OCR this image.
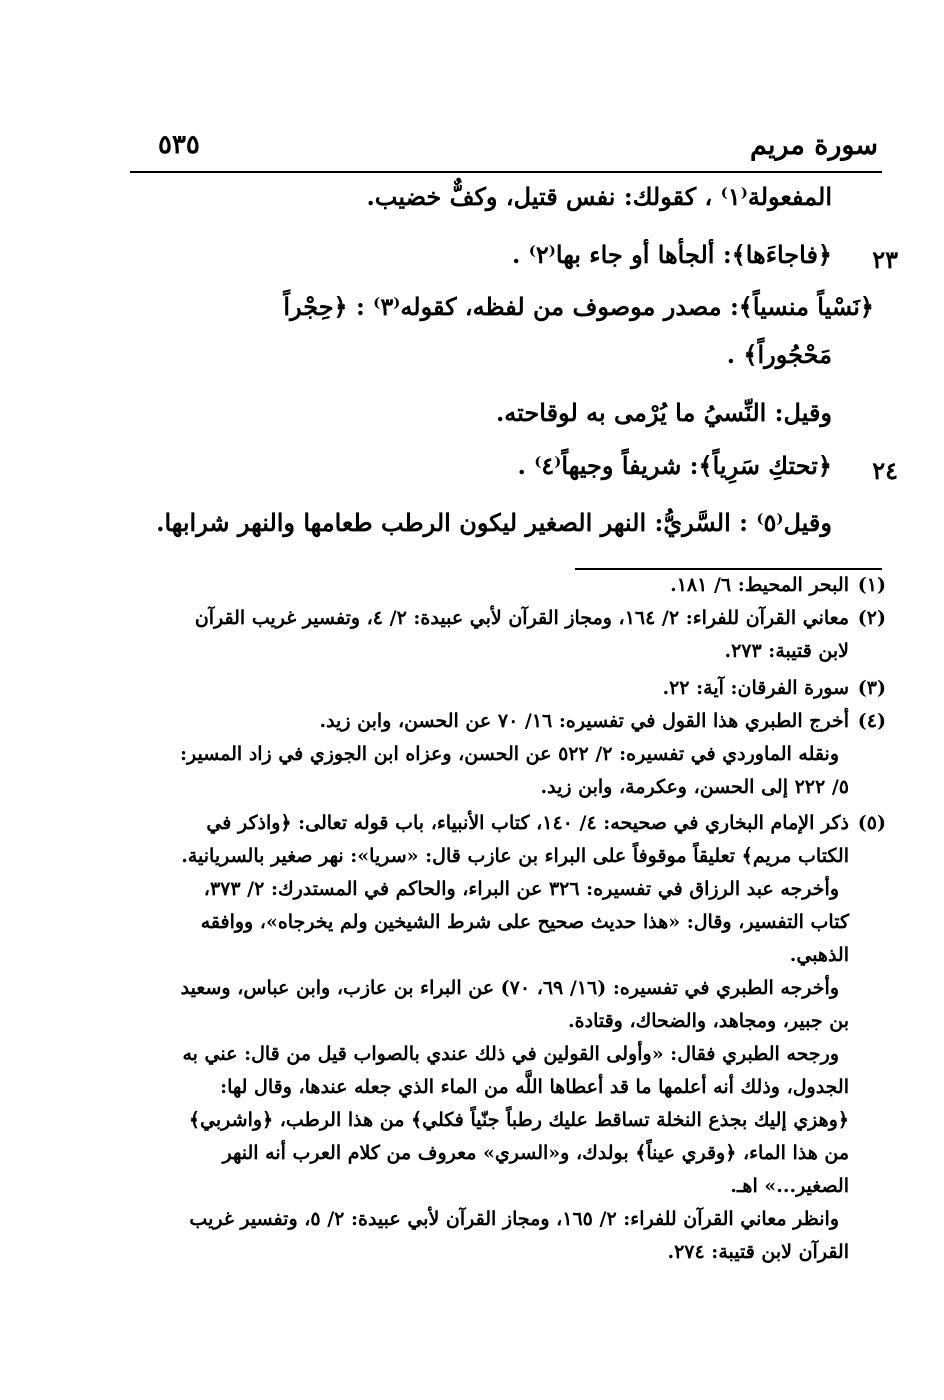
٥٣٥	سورة مريم
٢٣
٢٤
المفعولة⁽١⁾ ، كقولك: نفس قتيل، وكفٌّ خضيب.
﴿فاجاءَها﴾: ألجأها أو جاء بها⁽٢⁾ .
﴿نَسْياً منسياً﴾: مصدر موصوف من لفظه، كقوله⁽٣⁾ : ﴿حِجْراً
مَحْجُوراً﴾ .
وقيل: النِّسيُ ما يُرْمى به لوقاحته.
﴿تحتكِ سَرِياً﴾: شريفاً وجيهاً⁽٤⁾ .
وقيل⁽٥⁾ : السَّريُّ: النهر الصغير ليكون الرطب طعامها والنهر شرابها.
(١)
(٢)
(٣)
(٤)
(٥)
البحر المحيط: ٦/ ١٨١.
معاني القرآن للفراء: ٢/ ١٦٤، ومجاز القرآن لأبي عبيدة: ٢/ ٤، وتفسير غريب القرآن
لابن قتيبة: ٢٧٣.
سورة الفرقان: آية: ٢٢.
أخرج الطبري هذا القول في تفسيره: ١٦/ ٧٠ عن الحسن، وابن زيد.
ونقله الماوردي في تفسيره: ٢/ ٥٢٢ عن الحسن، وعزاه ابن الجوزي في زاد المسير:
٥/ ٢٢٢ إلى الحسن، وعكرمة، وابن زيد.
ذكر الإمام البخاري في صحيحه: ٤/ ١٤٠، كتاب الأنبياء، باب قوله تعالى: ﴿واذكر في
الكتاب مريم﴾ تعليقاً موقوفاً على البراء بن عازب قال: «سريا»: نهر صغير بالسريانية.
وأخرجه عبد الرزاق في تفسيره: ٣٢٦ عن البراء، والحاكم في المستدرك: ٢/ ٣٧٣،
كتاب التفسير، وقال: «هذا حديث صحيح على شرط الشيخين ولم يخرجاه»، ووافقه
الذهبي.
وأخرجه الطبري في تفسيره: (١٦/ ٦٩، ٧٠) عن البراء بن عازب، وابن عباس، وسعيد
بن جبير، ومجاهد، والضحاك، وقتادة.
ورجحه الطبري فقال: «وأولى القولين في ذلك عندي بالصواب قيل من قال: عني به
الجدول، وذلك أنه أعلمها ما قد أعطاها اللَّه من الماء الذي جعله عندها، وقال لها:
﴿وهزي إليك بجذع النخلة تساقط عليك رطباً جنّياً فكلي﴾ من هذا الرطب، ﴿واشربي﴾
من هذا الماء، ﴿وقري عيناً﴾ بولدك، و«السري» معروف من كلام العرب أنه النهر
الصغير...» اهـ.
وانظر معاني القرآن للفراء: ٢/ ١٦٥، ومجاز القرآن لأبي عبيدة: ٢/ ٥، وتفسير غريب
القرآن لابن قتيبة: ٢٧٤.
